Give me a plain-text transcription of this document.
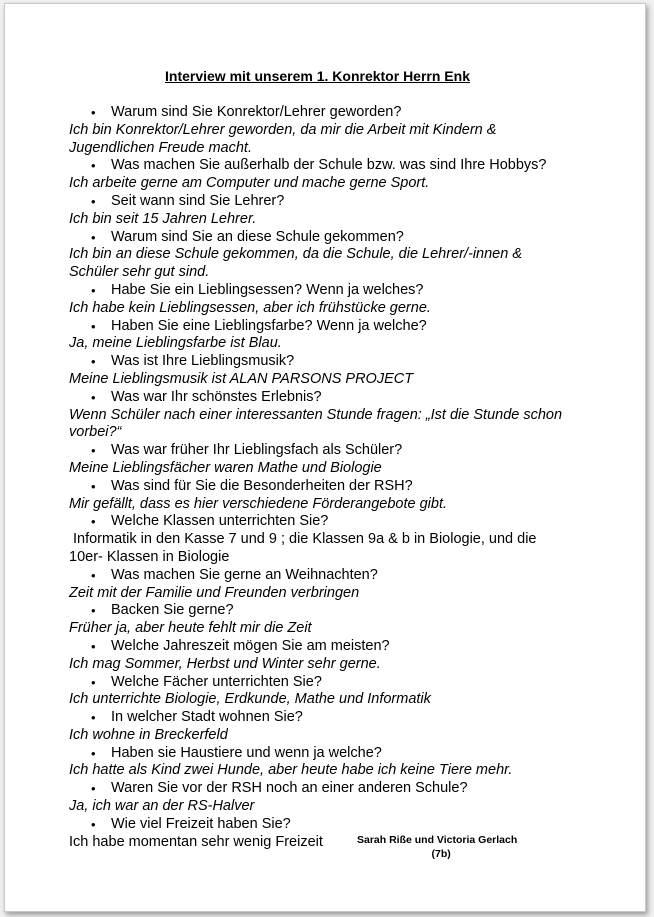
Interview mit unserem 1. Konrektor Herrn Enk
• Warum sind Sie Konrektor/Lehrer geworden?
Ich bin Konrektor/Lehrer geworden, da mir die Arbeit mit Kindern &
Jugendlichen Freude macht.
• Was machen Sie außerhalb der Schule bzw. was sind Ihre Hobbys?
Ich arbeite gerne am Computer und mache gerne Sport.
• Seit wann sind Sie Lehrer?
Ich bin seit 15 Jahren Lehrer.
• Warum sind Sie an diese Schule gekommen?
Ich bin an diese Schule gekommen, da die Schule, die Lehrer/-innen &
Schüler sehr gut sind.
• Habe Sie ein Lieblingsessen? Wenn ja welches?
Ich habe kein Lieblingsessen, aber ich frühstücke gerne.
• Haben Sie eine Lieblingsfarbe? Wenn ja welche?
Ja, meine Lieblingsfarbe ist Blau.
• Was ist Ihre Lieblingsmusik?
Meine Lieblingsmusik ist ALAN PARSONS PROJECT
• Was war Ihr schönstes Erlebnis?
Wenn Schüler nach einer interessanten Stunde fragen: „Ist die Stunde schon
vorbei?“
• Was war früher Ihr Lieblingsfach als Schüler?
Meine Lieblingsfächer waren Mathe und Biologie
• Was sind für Sie die Besonderheiten der RSH?
Mir gefällt, dass es hier verschiedene Förderangebote gibt.
• Welche Klassen unterrichten Sie?
Informatik in den Kasse 7 und 9 ; die Klassen 9a & b in Biologie, und die
10er- Klassen in Biologie
• Was machen Sie gerne an Weihnachten?
Zeit mit der Familie und Freunden verbringen
• Backen Sie gerne?
Früher ja, aber heute fehlt mir die Zeit
• Welche Jahreszeit mögen Sie am meisten?
Ich mag Sommer, Herbst und Winter sehr gerne.
• Welche Fächer unterrichten Sie?
Ich unterrichte Biologie, Erdkunde, Mathe und Informatik
• In welcher Stadt wohnen Sie?
Ich wohne in Breckerfeld
• Haben sie Haustiere und wenn ja welche?
Ich hatte als Kind zwei Hunde, aber heute habe ich keine Tiere mehr.
• Waren Sie vor der RSH noch an einer anderen Schule?
Ja, ich war an der RS-Halver
• Wie viel Freizeit haben Sie?
Ich habe momentan sehr wenig Freizeit	Sarah Riße und Victoria Gerlach
(7b)
